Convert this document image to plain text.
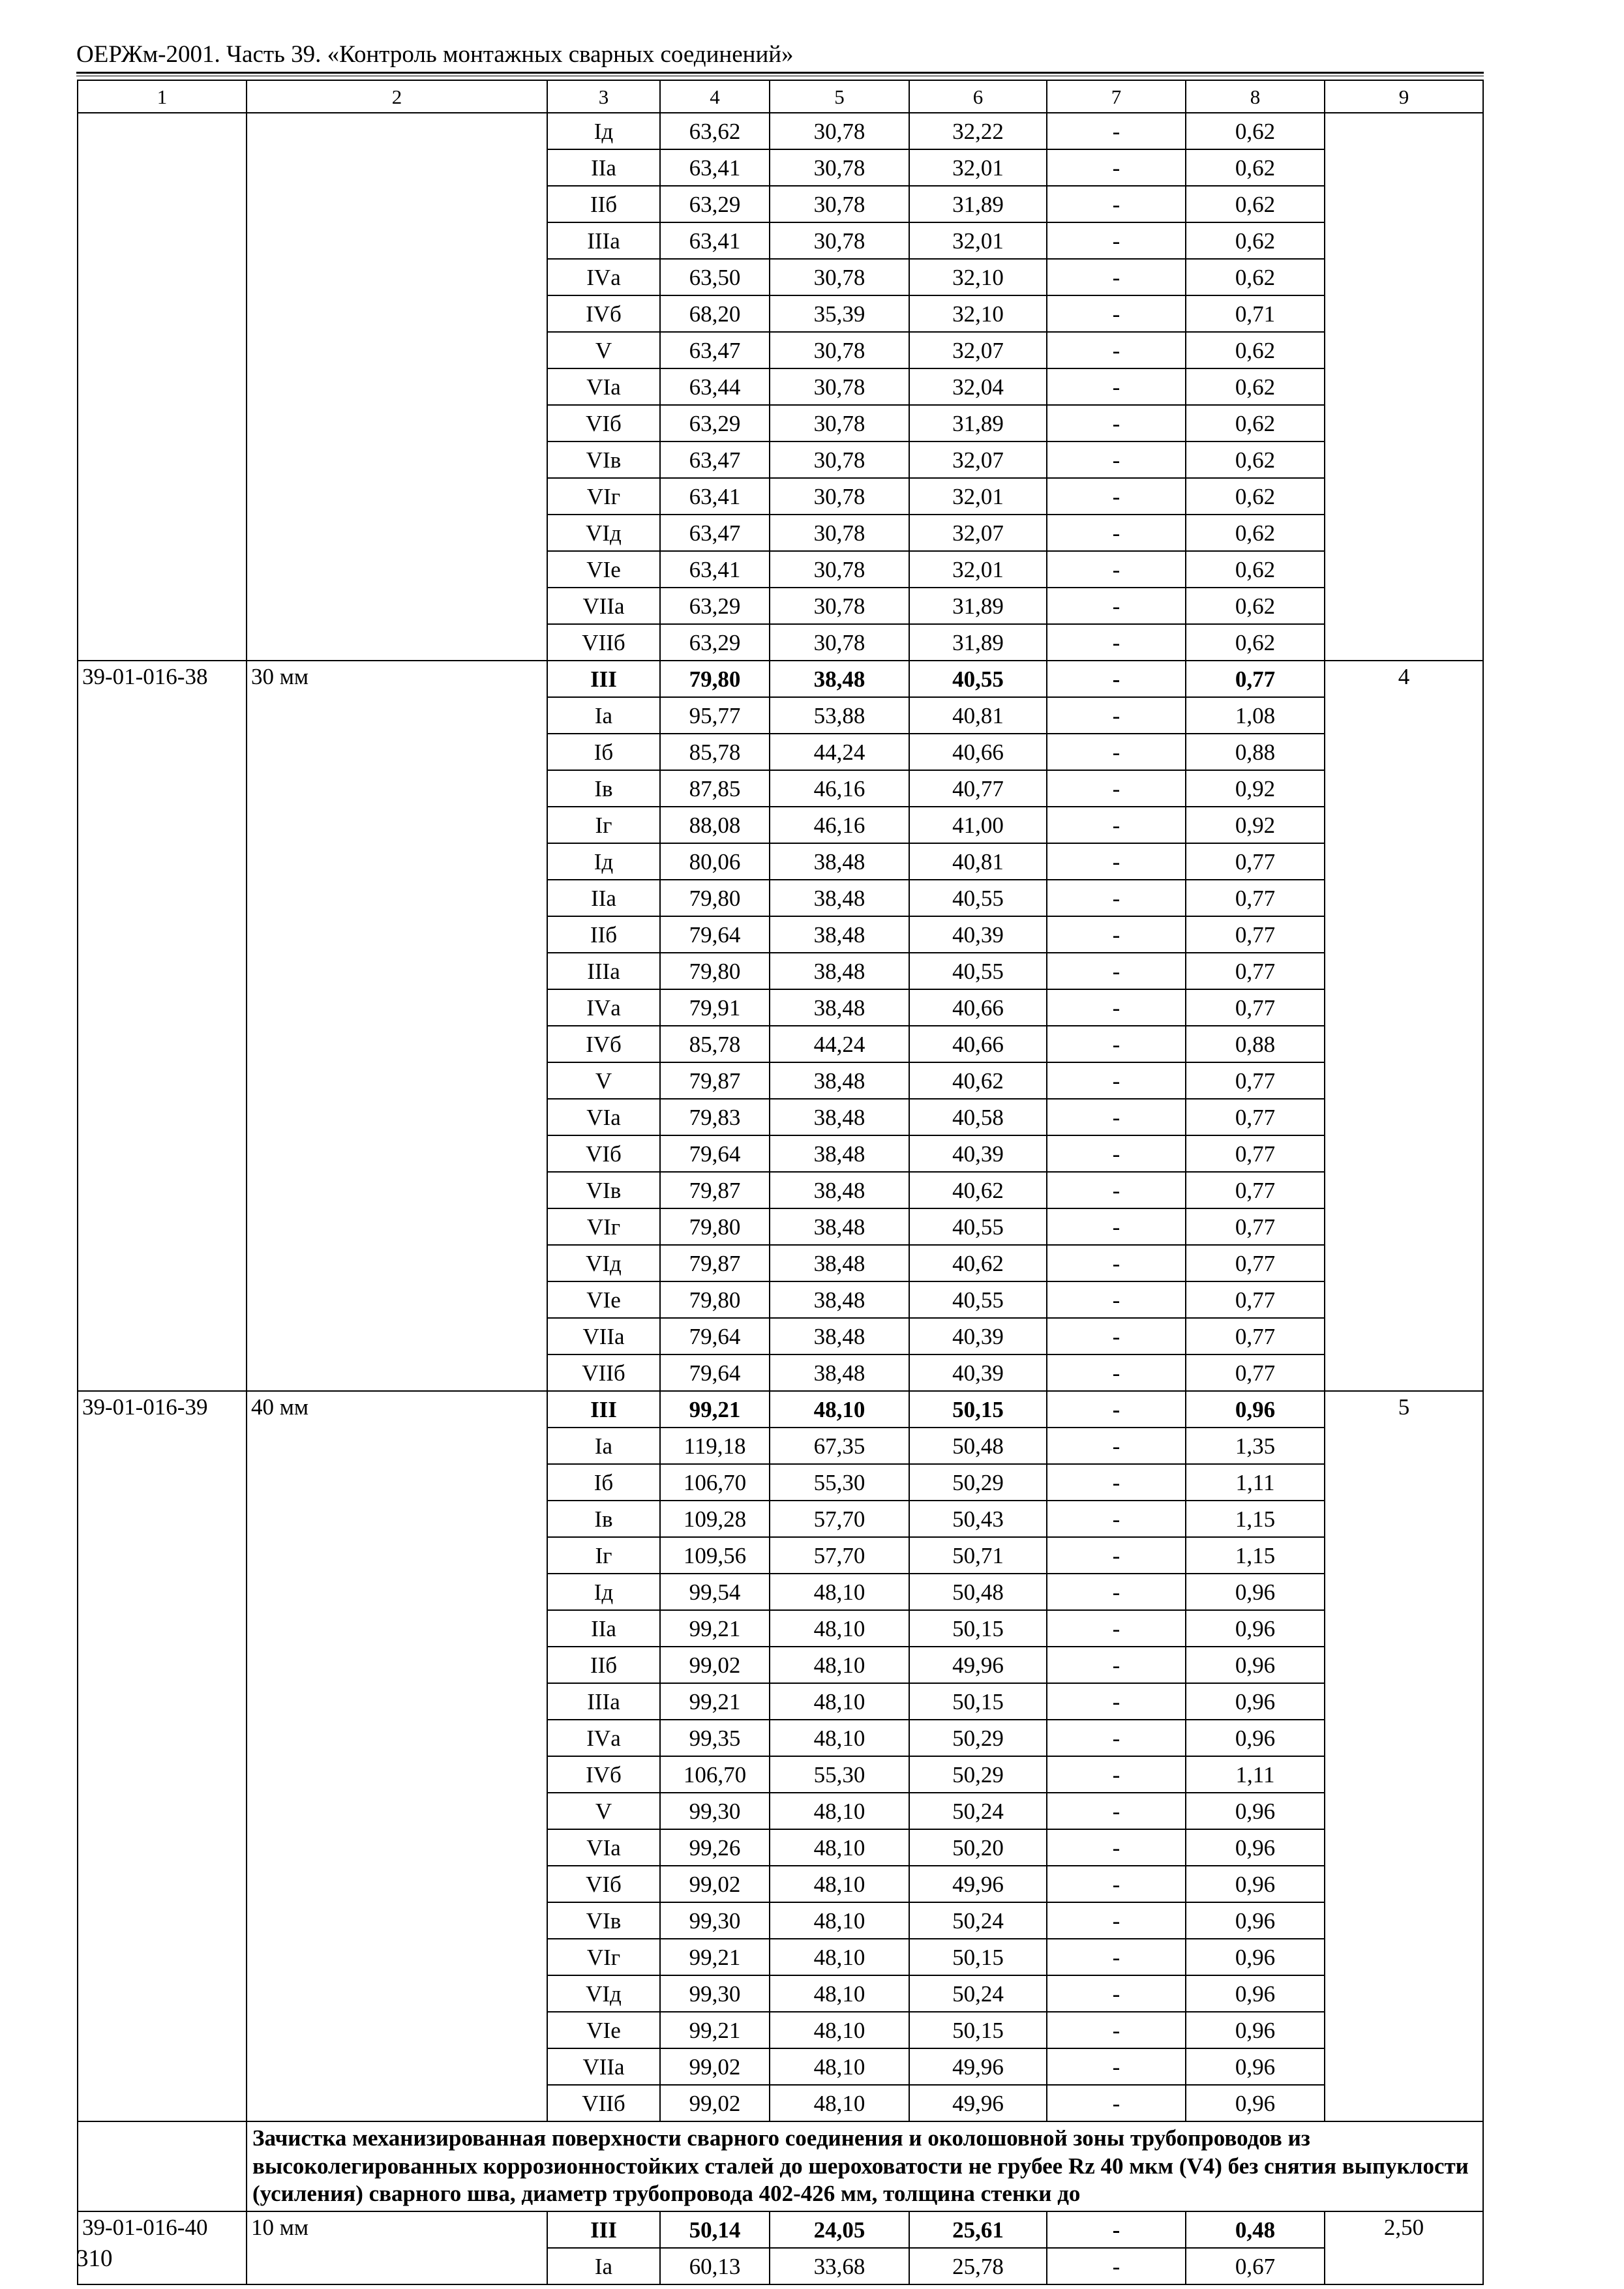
ОЕРЖм-2001. Часть 39. «Контроль монтажных сварных соединений»
1	2	3	4	5	6	7	8	9
		Iд	63,62	30,78	32,22	-	0,62	
		IIа	63,41	30,78	32,01	-	0,62	
		IIб	63,29	30,78	31,89	-	0,62	
		IIIа	63,41	30,78	32,01	-	0,62	
		IVа	63,50	30,78	32,10	-	0,62	
		IVб	68,20	35,39	32,10	-	0,71	
		V	63,47	30,78	32,07	-	0,62	
		VIа	63,44	30,78	32,04	-	0,62	
		VIб	63,29	30,78	31,89	-	0,62	
		VIв	63,47	30,78	32,07	-	0,62	
		VIг	63,41	30,78	32,01	-	0,62	
		VIд	63,47	30,78	32,07	-	0,62	
		VIе	63,41	30,78	32,01	-	0,62	
		VIIа	63,29	30,78	31,89	-	0,62	
		VIIб	63,29	30,78	31,89	-	0,62	
39-01-016-38	30 мм	III	79,80	38,48	40,55	-	0,77	4
		Iа	95,77	53,88	40,81	-	1,08	
		Iб	85,78	44,24	40,66	-	0,88	
		Iв	87,85	46,16	40,77	-	0,92	
		Iг	88,08	46,16	41,00	-	0,92	
		Iд	80,06	38,48	40,81	-	0,77	
		IIа	79,80	38,48	40,55	-	0,77	
		IIб	79,64	38,48	40,39	-	0,77	
		IIIа	79,80	38,48	40,55	-	0,77	
		IVа	79,91	38,48	40,66	-	0,77	
		IVб	85,78	44,24	40,66	-	0,88	
		V	79,87	38,48	40,62	-	0,77	
		VIа	79,83	38,48	40,58	-	0,77	
		VIб	79,64	38,48	40,39	-	0,77	
		VIв	79,87	38,48	40,62	-	0,77	
		VIг	79,80	38,48	40,55	-	0,77	
		VIд	79,87	38,48	40,62	-	0,77	
		VIе	79,80	38,48	40,55	-	0,77	
		VIIа	79,64	38,48	40,39	-	0,77	
		VIIб	79,64	38,48	40,39	-	0,77	
39-01-016-39	40 мм	III	99,21	48,10	50,15	-	0,96	5
		Iа	119,18	67,35	50,48	-	1,35	
		Iб	106,70	55,30	50,29	-	1,11	
		Iв	109,28	57,70	50,43	-	1,15	
		Iг	109,56	57,70	50,71	-	1,15	
		Iд	99,54	48,10	50,48	-	0,96	
		IIа	99,21	48,10	50,15	-	0,96	
		IIб	99,02	48,10	49,96	-	0,96	
		IIIа	99,21	48,10	50,15	-	0,96	
		IVа	99,35	48,10	50,29	-	0,96	
		IVб	106,70	55,30	50,29	-	1,11	
		V	99,30	48,10	50,24	-	0,96	
		VIа	99,26	48,10	50,20	-	0,96	
		VIб	99,02	48,10	49,96	-	0,96	
		VIв	99,30	48,10	50,24	-	0,96	
		VIг	99,21	48,10	50,15	-	0,96	
		VIд	99,30	48,10	50,24	-	0,96	
		VIе	99,21	48,10	50,15	-	0,96	
		VIIа	99,02	48,10	49,96	-	0,96	
		VIIб	99,02	48,10	49,96	-	0,96	
	Зачистка механизированная поверхности сварного соединения и околошовной зоны трубопроводов из высоколегированных коррозионностойких сталей до шероховатости не грубее Rz 40 мкм (V4) без снятия выпуклости (усиления) сварного шва, диаметр трубопровода 402-426 мм, толщина стенки до							
39-01-016-40	10 мм	III	50,14	24,05	25,61	-	0,48	2,50
		Iа	60,13	33,68	25,78	-	0,67	
310
